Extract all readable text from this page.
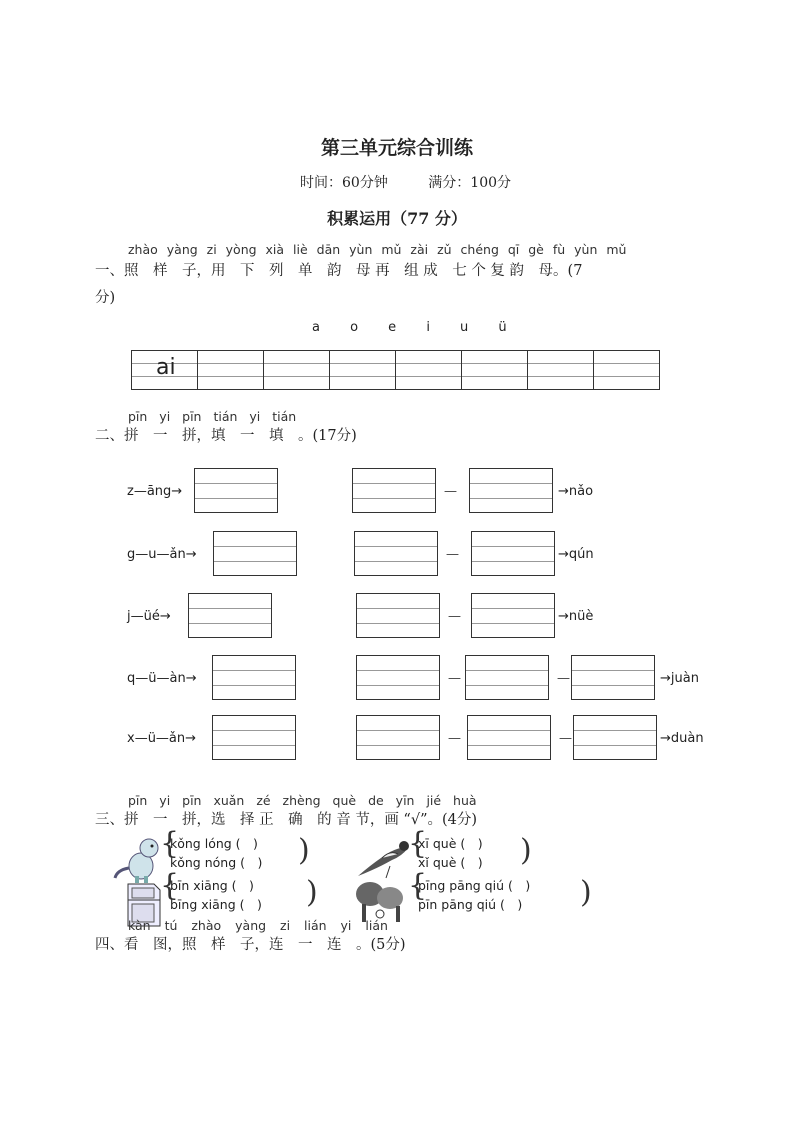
第三单元综合训练
时间：60分钟	满分：100分
积累运用（77 分）
zhào yàng zi yòng xià liè dān yùn mǔ zài zǔ chéng qī gè fù yùn mǔ
一、照　样　子，用　下　列　单　韵　母 再　组 成　七 个 复 韵　母。(7
分)
a o e i u ü
ai

pīn yi pīn tián yi tián
二、拼　一　拼，填　一　填　。(17分)
z—āng→	—	→nǎo
g—u—ǎn→	—	→qún
j—üé→	—	→nüè
q—ü—àn→	—	—	→juàn
x—ü—ǎn→	—	—	→duàn
pīn yi pīn xuǎn zé zhèng què de yīn jié huà
三、拼　一　拼，选　择 正　确　的 音 节，画 “√”。(4分)
{
kǒng lóng (　)
kǒng nóng (　) )	{
xī què (　)
xǐ què (　) )
{
bīn xiāng (　)
bīng xiāng (　) )	{
pīng pāng qiú (　)
pīn pāng qiú (　) )
kàn tú zhào yàng zi lián yi lián
四、看　图，照　样　子，连　一　连　。(5分)
